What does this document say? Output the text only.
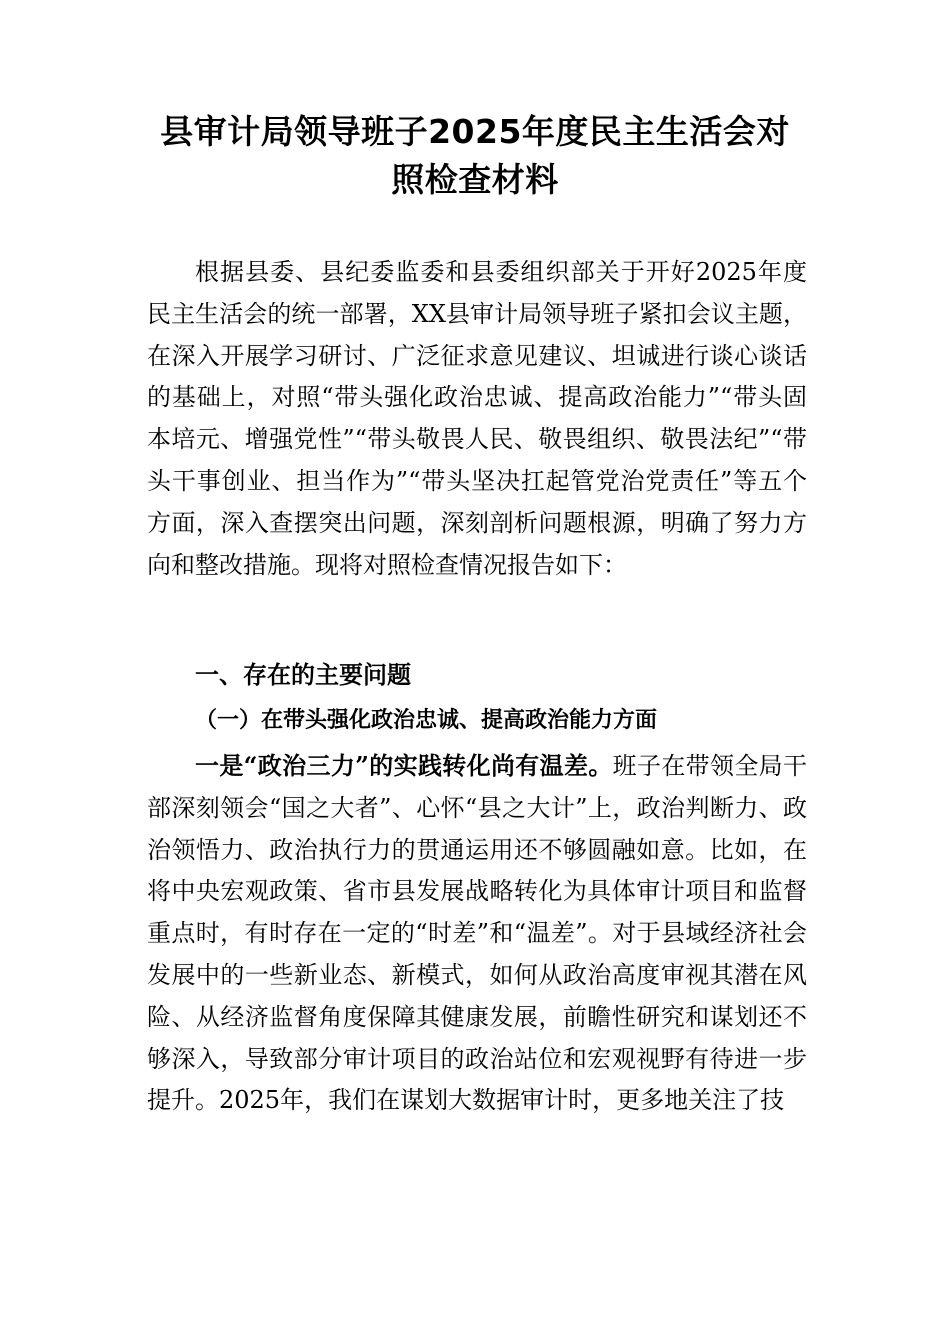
县审计局领导班子2025年度民主生活会对照检查材料

根据县委、县纪委监委和县委组织部关于开好2025年度民主生活会的统一部署，XX县审计局领导班子紧扣会议主题，在深入开展学习研讨、广泛征求意见建议、坦诚进行谈心谈话的基础上，对照“带头强化政治忠诚、提高政治能力”“带头固本培元、增强党性”“带头敬畏人民、敬畏组织、敬畏法纪”“带头干事创业、担当作为”“带头坚决扛起管党治党责任”等五个方面，深入查摆突出问题，深刻剖析问题根源，明确了努力方向和整改措施。现将对照检查情况报告如下：

一、存在的主要问题
（一）在带头强化政治忠诚、提高政治能力方面

一是“政治三力”的实践转化尚有温差。班子在带领全局干部深刻领会“国之大者”、心怀“县之大计”上，政治判断力、政治领悟力、政治执行力的贯通运用还不够圆融如意。比如，在将中央宏观政策、省市县发展战略转化为具体审计项目和监督重点时，有时存在一定的“时差”和“温差”。对于县域经济社会发展中的一些新业态、新模式，如何从政治高度审视其潜在风险、从经济监督角度保障其健康发展，前瞻性研究和谋划还不够深入，导致部分审计项目的政治站位和宏观视野有待进一步提升。2025年，我们在谋划大数据审计时，更多地关注了技
